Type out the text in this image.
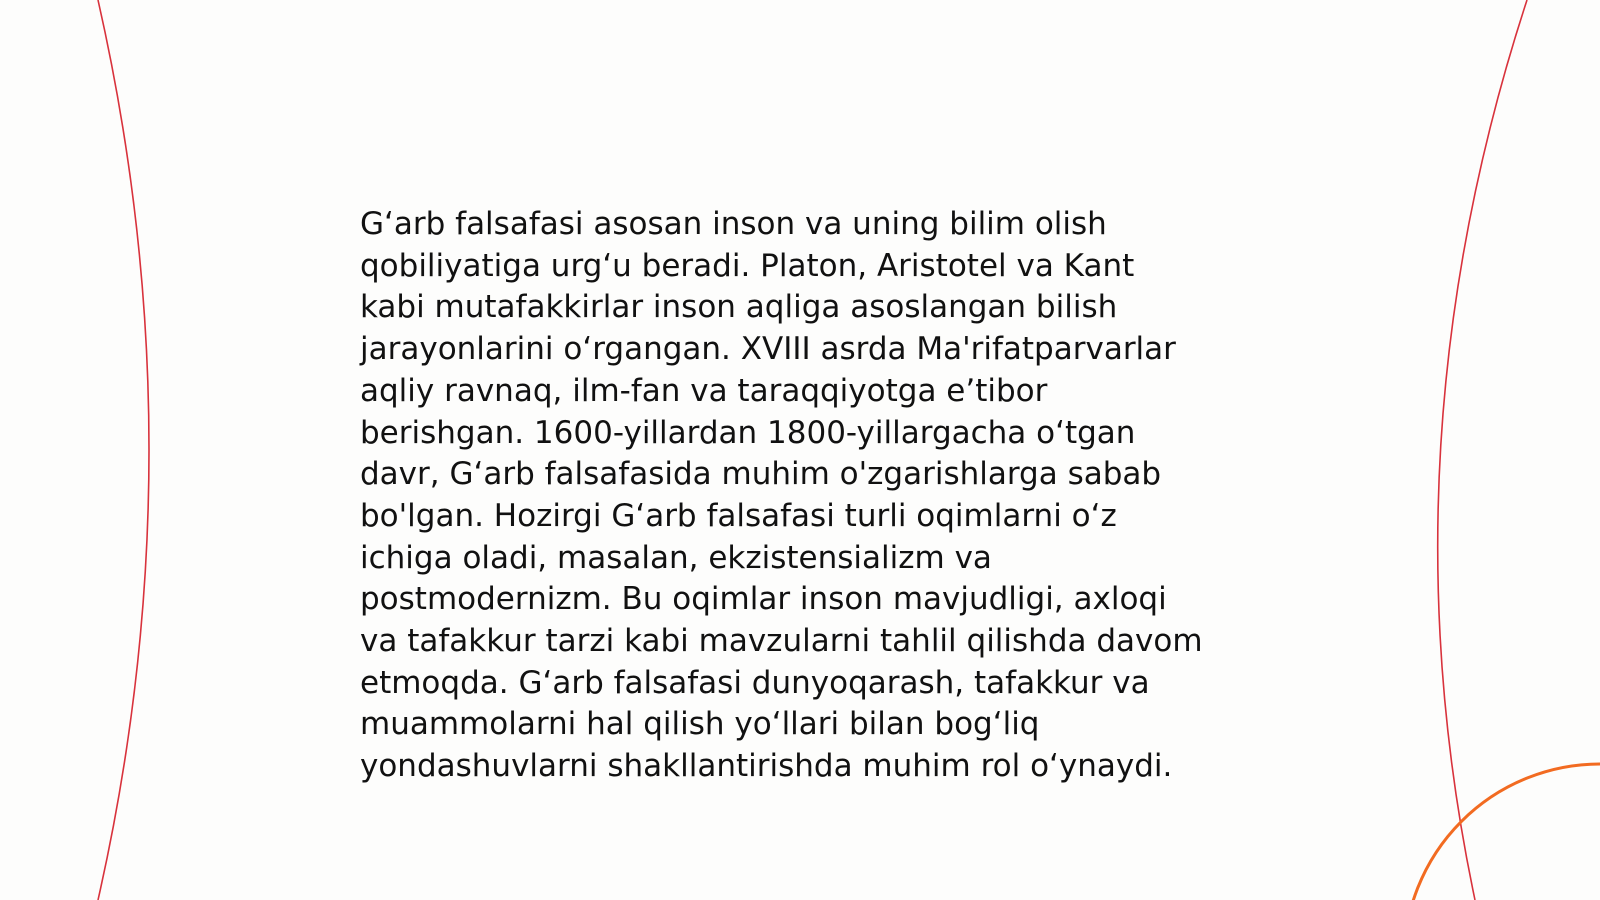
G‘arb falsafasi asosan inson va uning bilim olish
qobiliyatiga urg‘u beradi. Platon, Aristotel va Kant
kabi mutafakkirlar inson aqliga asoslangan bilish
jarayonlarini o‘rgangan. XVIII asrda Ma'rifatparvarlar
aqliy ravnaq, ilm-fan va taraqqiyotga e’tibor
berishgan. 1600-yillardan 1800-yillargacha o‘tgan
davr, G‘arb falsafasida muhim o'zgarishlarga sabab
bo'lgan. Hozirgi G‘arb falsafasi turli oqimlarni o‘z
ichiga oladi, masalan, ekzistensializm va
postmodernizm. Bu oqimlar inson mavjudligi, axloqi
va tafakkur tarzi kabi mavzularni tahlil qilishda davom
etmoqda. G‘arb falsafasi dunyoqarash, tafakkur va
muammolarni hal qilish yo‘llari bilan bog‘liq
yondashuvlarni shakllantirishda muhim rol o‘ynaydi.
